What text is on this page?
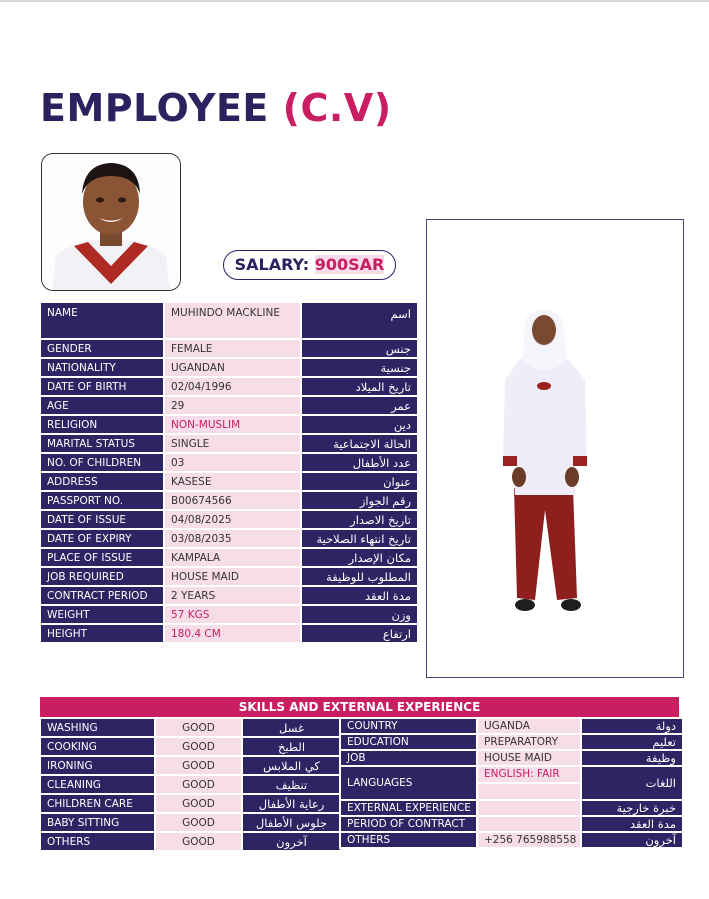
EMPLOYEE (C.V)
SALARY: 900SAR
NAME	MUHINDO MACKLINE	اسم
GENDER	FEMALE	جنس
NATIONALITY	UGANDAN	جنسية
DATE OF BIRTH	02/04/1996	تاريخ الميلاد
AGE	29	عمر
RELIGION	NON-MUSLIM	دين
MARITAL STATUS	SINGLE	الحالة الاجتماعية
NO. OF CHILDREN	03	عدد الأطفال
ADDRESS	KASESE	عنوان
PASSPORT NO.	B00674566	رقم الجواز
DATE OF ISSUE	04/08/2025	تاريخ الاصدار
DATE OF EXPIRY	03/08/2035	تاريخ انتهاء الصلاحية
PLACE OF ISSUE	KAMPALA	مكان الإصدار
JOB REQUIRED	HOUSE MAID	المطلوب للوظيفة
CONTRACT PERIOD	2 YEARS	مدة العقد
WEIGHT	57 KGS	وزن
HEIGHT	180.4 CM	ارتفاع
SKILLS AND EXTERNAL EXPERIENCE
WASHING	GOOD	غسل
COOKING	GOOD	الطبخ
IRONING	GOOD	كي الملابس
CLEANING	GOOD	تنظيف
CHILDREN CARE	GOOD	رعاية الأطفال
BABY SITTING	GOOD	جلوس الأطفال
OTHERS	GOOD	آخرون
COUNTRY	UGANDA	دولة
EDUCATION	PREPARATORY	تعليم
JOB	HOUSE MAID	وظيفة
LANGUAGES	ENGLISH: FAIR	اللغات
EXTERNAL EXPERIENCE		خبرة خارجية
PERIOD OF CONTRACT		مدة العقد
OTHERS	+256 765988558	آخرون
